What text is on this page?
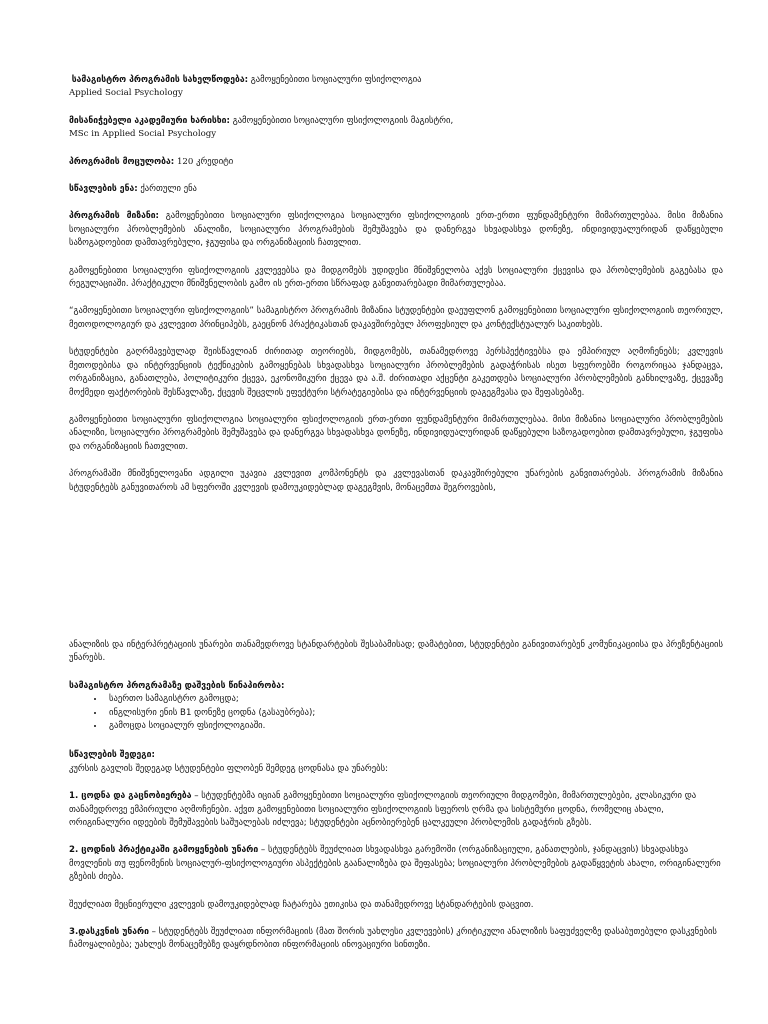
სამაგისტრო პროგრამის სახელწოდება: გამოყენებითი სოციალური ფსიქოლოგია
Applied Social Psychology

მისანიჭებელი აკადემიური ხარისხი: გამოყენებითი სოციალური ფსიქოლოგიის მაგისტრი,
MSc in Applied Social Psychology

პროგრამის მოცულობა: 120 კრედიტი

სწავლების ენა: ქართული ენა

პროგრამის მიზანი: გამოყენებითი სოციალური ფსიქოლოგია სოციალური ფსიქოლოგიის ერთ-ერთი ფუნდამენტური მიმართულებაა. მისი მიზანია სოციალური პრობლემების ანალიზი, სოციალური პროგრამების შემუშავება და დანერგვა სხვადასხვა დონეზე, ინდივიდუალურიდან დაწყებული საზოგადოებით დამთავრებული, ჯგუფისა და ორგანიზაციის ჩათვლით.

გამოყენებითი სოციალური ფსიქოლოგიის კვლევებსა და მიდგომებს უდიდესი მნიშვნელობა აქვს სოციალური ქცევისა და პრობლემების გაგებასა და რეგულაციაში. პრაქტიკული მნიშვნელობის გამო ის ერთ-ერთი სწრაფად განვითარებადი მიმართულებაა.

“გამოყენებითი სოციალური ფსიქოლოგიის” სამაგისტრო პროგრამის მიზანია სტუდენტები დაეუფლონ გამოყენებითი სოციალური ფსიქოლოგიის თეორიულ, მეთოდოლოგიურ და კვლევით პრინციპებს, გაეცნონ პრაქტიკასთან დაკავშირებულ პროფესიულ და კონტექსტუალურ საკითხებს.

სტუდენტები გაღრმავებულად შეისწავლიან ძირითად თეორიებს, მიდგომებს, თანამედროვე პერსპექტივებსა და ემპირიულ აღმოჩენებს; კვლევის მეთოდებისა და ინტერვენციის ტექნიკების გამოყენებას სხვადასხვა სოციალური პრობლემების გადაჭრისას ისეთ სფეროებში როგორიცაა ჯანდაცვა, ორგანიზაცია, განათლება, პოლიტიკური ქცევა, ეკონომიკური ქცევა და ა.შ. ძირითადი აქცენტი გაკეთდება სოციალური პრობლემების განხილვაზე, ქცევაზე მოქმედი ფაქტორების შესწავლაზე, ქცევის შეცვლის ეფექტური სტრატეგიებისა და ინტერვენციის დაგეგმვასა და შეფასებაზე.

გამოყენებითი სოციალური ფსიქოლოგია სოციალური ფსიქოლოგიის ერთ-ერთი ფუნდამენტური მიმართულებაა. მისი მიზანია სოციალური პრობლემების ანალიზი, სოციალური პროგრამების შემუშავება და დანერგვა სხვადასხვა დონეზე, ინდივიდუალურიდან დაწყებული საზოგადოებით დამთავრებული, ჯგუფისა და ორგანიზაციის ჩათვლით.

პროგრამაში მნიშვნელოვანი ადგილი უკავია კვლევით კომპონენტს და კვლევასთან დაკავშირებული უნარების განვითარებას. პროგრამის მიზანია სტუდენტებს განუვითაროს ამ სფეროში კვლევის დამოუკიდებლად დაგეგმვის, მონაცემთა შეგროვების,

ანალიზის და ინტერპრეტაციის უნარები თანამედროვე სტანდარტების შესაბამისად; დამატებით, სტუდენტები განივითარებენ კომუნიკაციისა და პრეზენტაციის უნარებს.

სამაგისტრო პროგრამაზე დაშვების წინაპირობა:
• საერთო სამაგისტრო გამოცდა;
• ინგლისური ენის B1 დონეზე ცოდნა (გასაუბრება);
• გამოცდა სოციალურ ფსიქოლოგიაში.

სწავლების შედეგი:
კურსის გავლის შედეგად სტუდენტები ფლობენ შემდეგ ცოდნასა და უნარებს:

1. ცოდნა და გაცნობიერება – სტუდენტებმა იციან გამოყენებითი სოციალური ფსიქოლოგიის თეორიული მიდგომები, მიმართულებები, კლასიკური და თანამედროვე ემპირიული აღმოჩენები. აქვთ გამოყენებითი სოციალური ფსიქოლოგიის სფეროს ღრმა და სისტემური ცოდნა, რომელიც ახალი, ორიგინალური იდეების შემუშავების საშუალებას იძლევა; სტუდენტები აცნობიერებენ ცალკეული პრობლემის გადაჭრის გზებს.

2. ცოდნის პრაქტიკაში გამოყენების უნარი – სტუდენტებს შეუძლიათ სხვადასხვა გარემოში (ორგანიზაციული, განათლების, ჯანდაცვის) სხვადასხვა მოვლენის თუ ფენომენის სოციალურ-ფსიქოლოგიური ასპექტების გაანალიზება და შეფასება; სოციალური პრობლემების გადაწყვეტის ახალი, ორიგინალური გზების ძიება.

შეუძლიათ მეცნიერული კვლევის დამოუკიდებლად ჩატარება ეთიკისა და თანამედროვე სტანდარტების დაცვით.

3.დასკვნის უნარი – სტუდენტებს შეუძლიათ ინფორმაციის (მათ შორის უახლესი კვლევების) კრიტიკული ანალიზის საფუძველზე დასაბუთებული დასკვნების ჩამოყალიბება; უახლეს მონაცემებზე დაყრდნობით ინფორმაციის ინოვაციური სინთეზი.
